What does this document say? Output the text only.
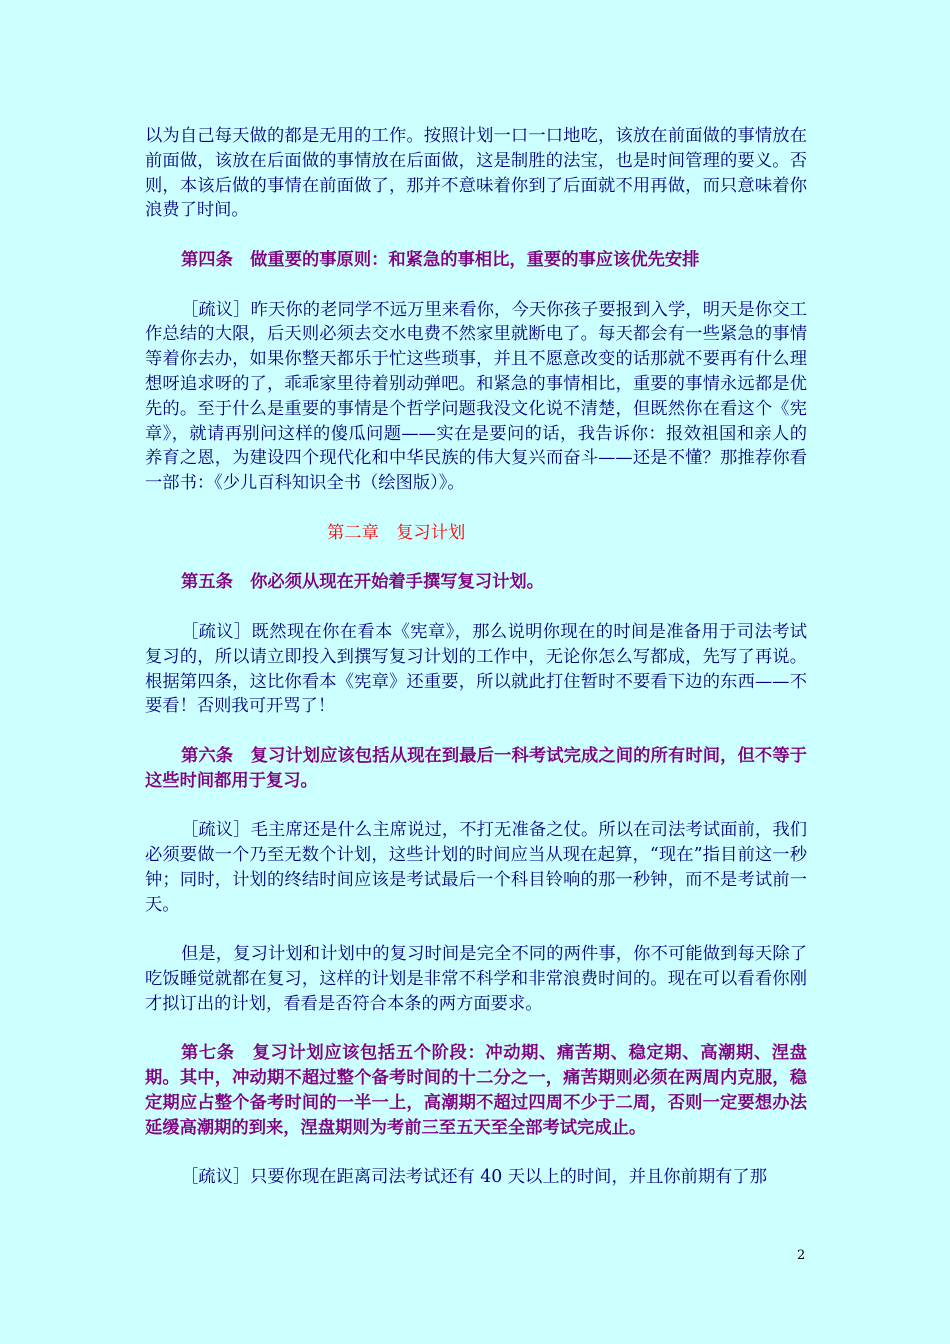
以为自己每天做的都是无用的工作。按照计划一口一口地吃，该放在前面做的事情放在前面做，该放在后面做的事情放在后面做，这是制胜的法宝，也是时间管理的要义。否则，本该后做的事情在前面做了，那并不意味着你到了后面就不用再做，而只意味着你浪费了时间。

第四条　做重要的事原则：和紧急的事相比，重要的事应该优先安排

［疏议］昨天你的老同学不远万里来看你，今天你孩子要报到入学，明天是你交工作总结的大限，后天则必须去交水电费不然家里就断电了。每天都会有一些紧急的事情等着你去办，如果你整天都乐于忙这些琐事，并且不愿意改变的话那就不要再有什么理想呀追求呀的了，乖乖家里待着别动弹吧。和紧急的事情相比，重要的事情永远都是优先的。至于什么是重要的事情是个哲学问题我没文化说不清楚，但既然你在看这个《宪章》，就请再别问这样的傻瓜问题——实在是要问的话，我告诉你：报效祖国和亲人的养育之恩，为建设四个现代化和中华民族的伟大复兴而奋斗——还是不懂？那推荐你看一部书：《少儿百科知识全书（绘图版）》。

第二章　复习计划

第五条　你必须从现在开始着手撰写复习计划。

［疏议］既然现在你在看本《宪章》，那么说明你现在的时间是准备用于司法考试复习的，所以请立即投入到撰写复习计划的工作中，无论你怎么写都成，先写了再说。根据第四条，这比你看本《宪章》还重要，所以就此打住暂时不要看下边的东西——不要看！否则我可开骂了！

第六条　复习计划应该包括从现在到最后一科考试完成之间的所有时间，但不等于这些时间都用于复习。

［疏议］毛主席还是什么主席说过，不打无准备之仗。所以在司法考试面前，我们必须要做一个乃至无数个计划，这些计划的时间应当从现在起算，“现在”指目前这一秒钟；同时，计划的终结时间应该是考试最后一个科目铃响的那一秒钟，而不是考试前一天。

但是，复习计划和计划中的复习时间是完全不同的两件事，你不可能做到每天除了吃饭睡觉就都在复习，这样的计划是非常不科学和非常浪费时间的。现在可以看看你刚才拟订出的计划，看看是否符合本条的两方面要求。

第七条　复习计划应该包括五个阶段：冲动期、痛苦期、稳定期、高潮期、涅盘期。其中，冲动期不超过整个备考时间的十二分之一，痛苦期则必须在两周内克服，稳定期应占整个备考时间的一半一上，高潮期不超过四周不少于二周，否则一定要想办法延缓高潮期的到来，涅盘期则为考前三至五天至全部考试完成止。

［疏议］只要你现在距离司法考试还有 40 天以上的时间，并且你前期有了那

2
